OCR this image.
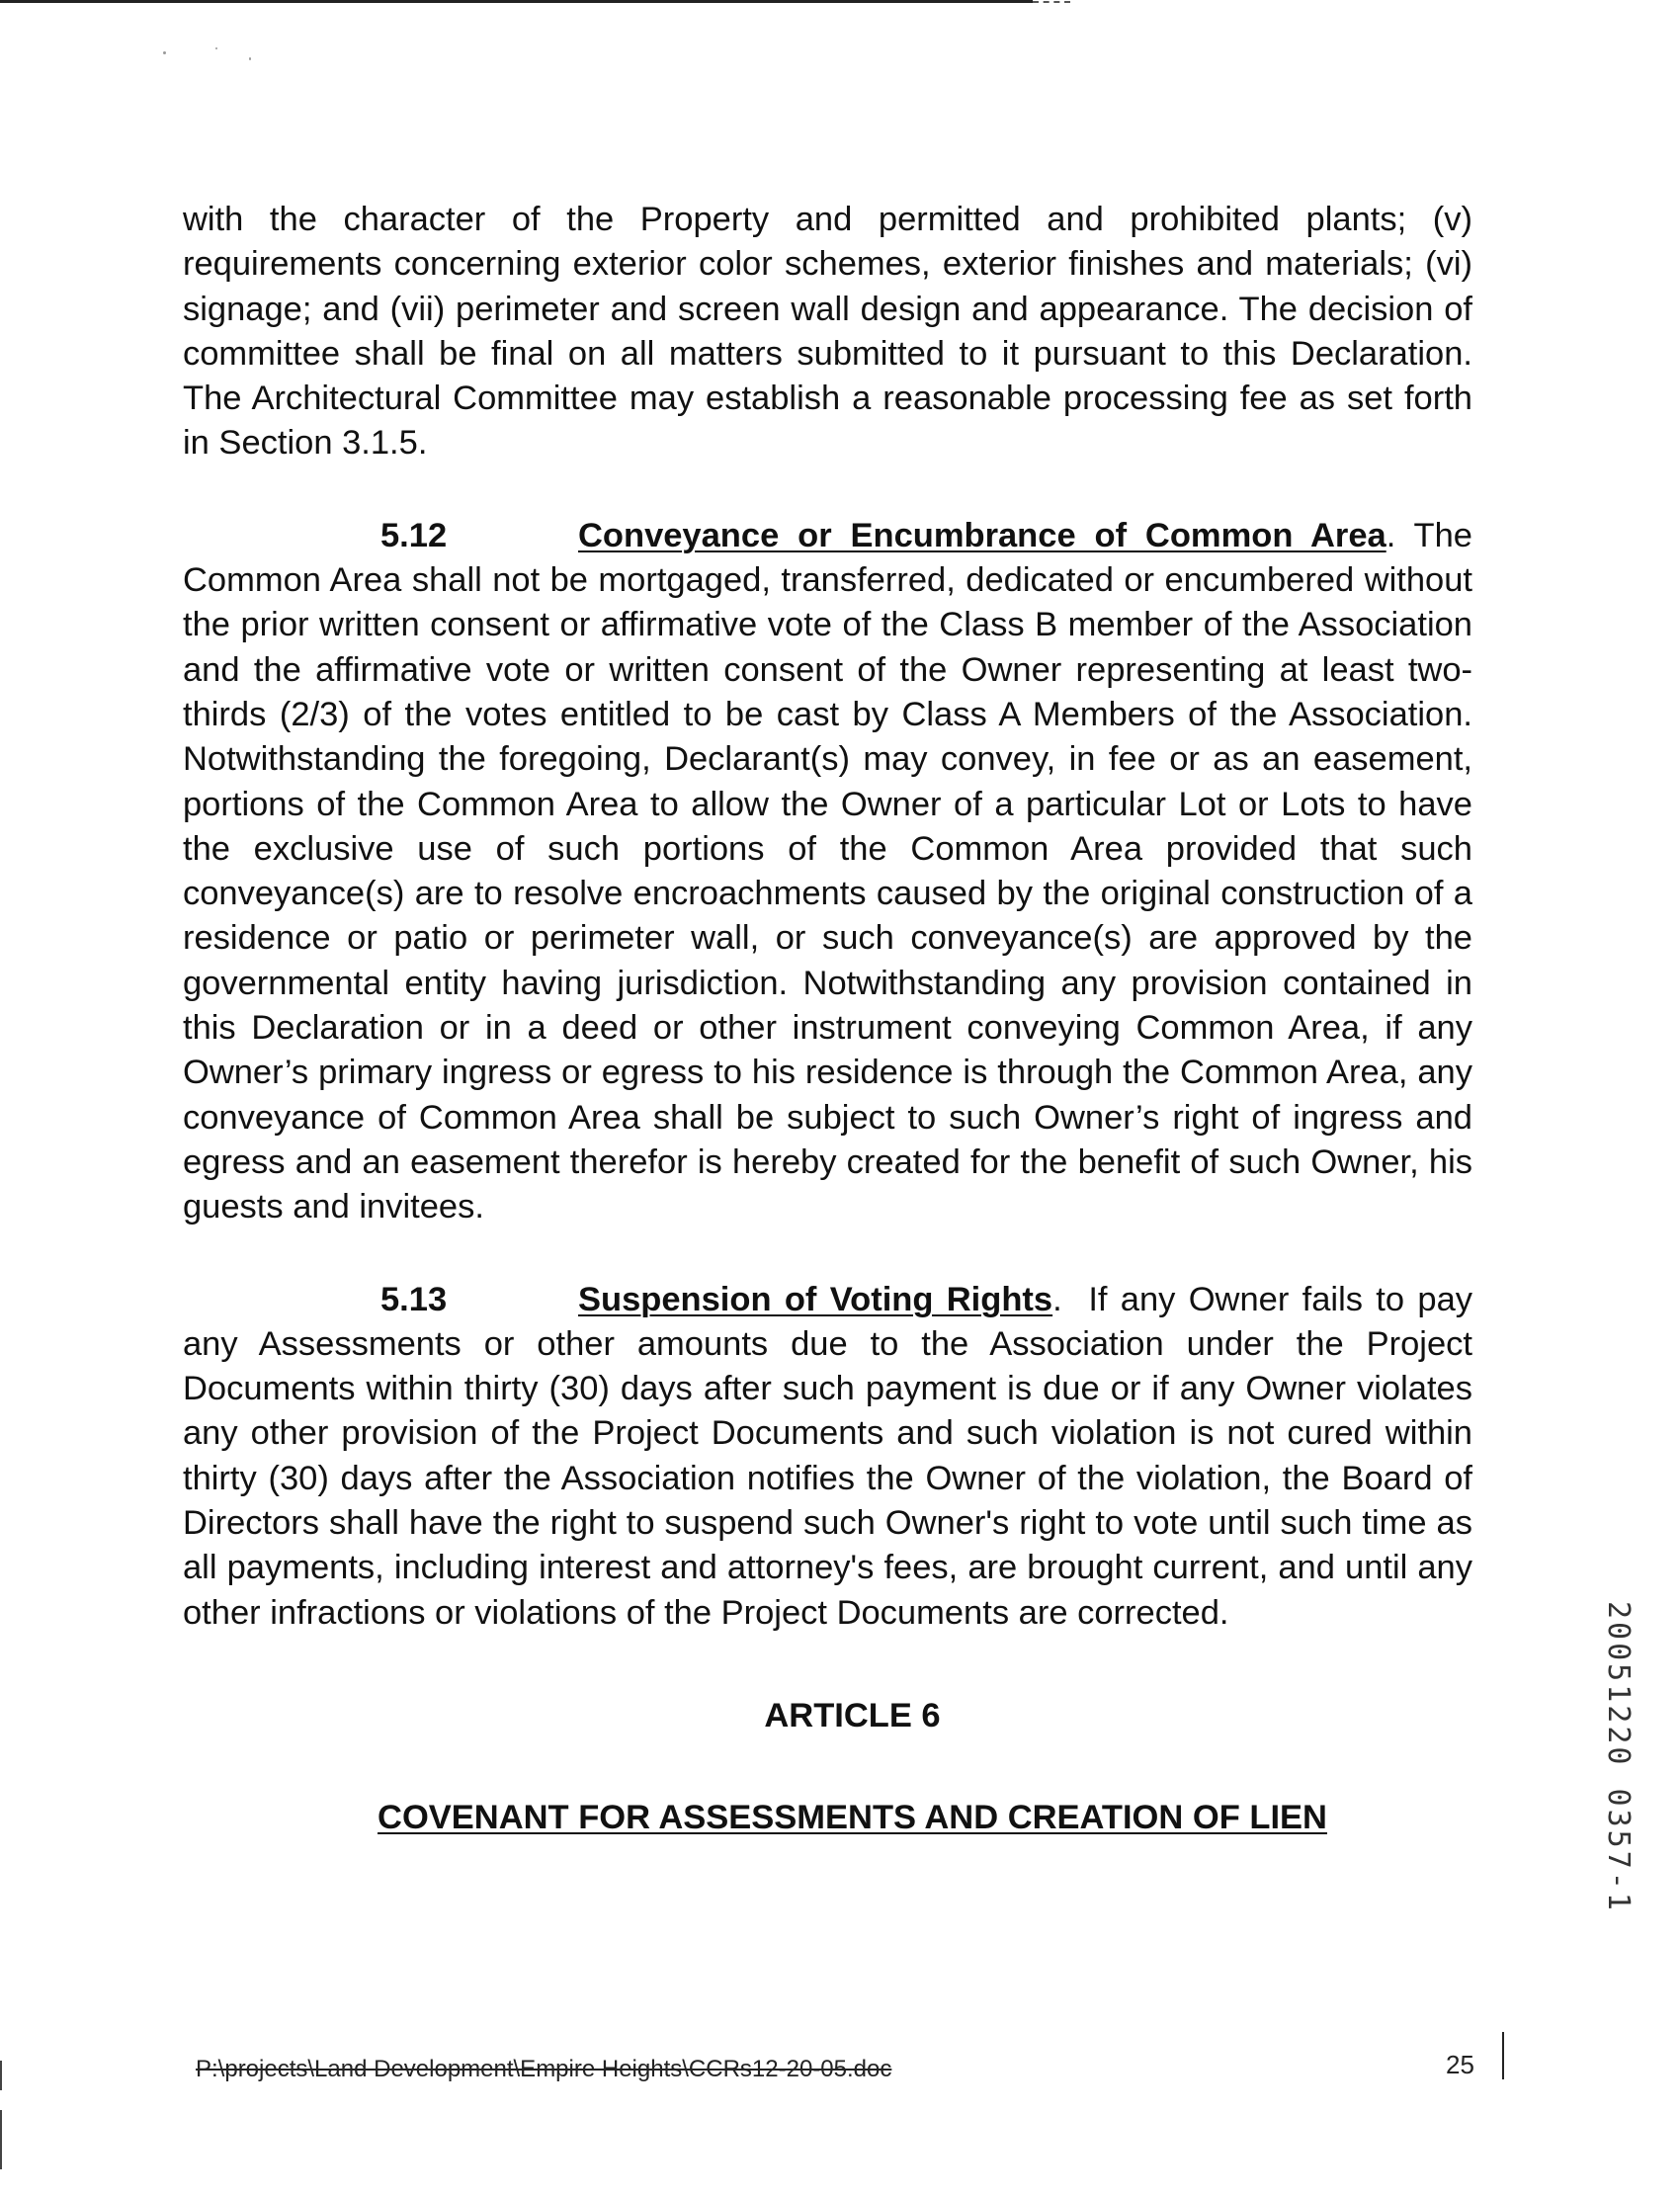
with the character of the Property and permitted and prohibited plants; (v) requirements concerning exterior color schemes, exterior finishes and materials; (vi) signage; and (vii) perimeter and screen wall design and appearance. The decision of committee shall be final on all matters submitted to it pursuant to this Declaration. The Architectural Committee may establish a reasonable processing fee as set forth in Section 3.1.5.

5.12	Conveyance or Encumbrance of Common Area. The Common Area shall not be mortgaged, transferred, dedicated or encumbered without the prior written consent or affirmative vote of the Class B member of the Association and the affirmative vote or written consent of the Owner representing at least two-thirds (2/3) of the votes entitled to be cast by Class A Members of the Association. Notwithstanding the foregoing, Declarant(s) may convey, in fee or as an easement, portions of the Common Area to allow the Owner of a particular Lot or Lots to have the exclusive use of such portions of the Common Area provided that such conveyance(s) are to resolve encroachments caused by the original construction of a residence or patio or perimeter wall, or such conveyance(s) are approved by the governmental entity having jurisdiction. Notwithstanding any provision contained in this Declaration or in a deed or other instrument conveying Common Area, if any Owner’s primary ingress or egress to his residence is through the Common Area, any conveyance of Common Area shall be subject to such Owner’s right of ingress and egress and an easement therefor is hereby created for the benefit of such Owner, his guests and invitees.

5.13	Suspension of Voting Rights. If any Owner fails to pay any Assessments or other amounts due to the Association under the Project Documents within thirty (30) days after such payment is due or if any Owner violates any other provision of the Project Documents and such violation is not cured within thirty (30) days after the Association notifies the Owner of the violation, the Board of Directors shall have the right to suspend such Owner's right to vote until such time as all payments, including interest and attorney's fees, are brought current, and until any other infractions or violations of the Project Documents are corrected.

ARTICLE 6

COVENANT FOR ASSESSMENTS AND CREATION OF LIEN

P:\projects\Land Development\Empire Heights\CCRs12-20-05.doc	25
20051220 0357-1
